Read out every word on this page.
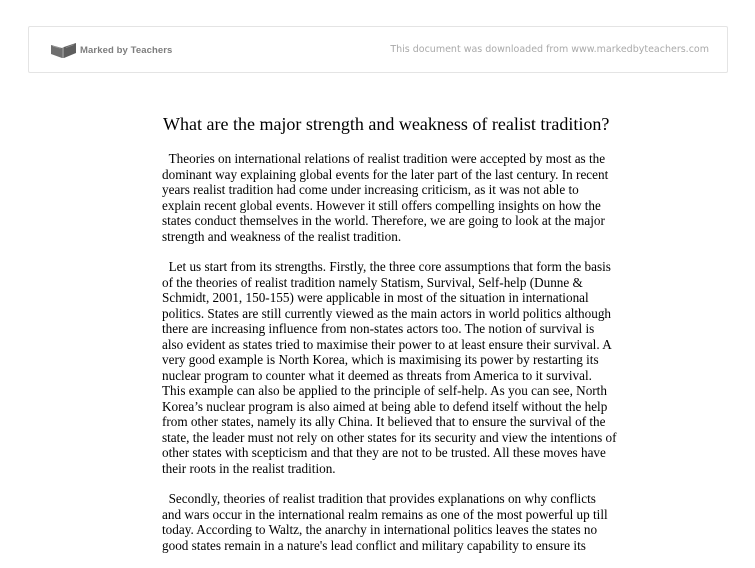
Marked by Teachers	This document was downloaded from www.markedbyteachers.com
What are the major strength and weakness of realist tradition?

Theories on international relations of realist tradition were accepted by most as the
dominant way explaining global events for the later part of the last century. In recent
years realist tradition had come under increasing criticism, as it was not able to
explain recent global events. However it still offers compelling insights on how the
states conduct themselves in the world. Therefore, we are going to look at the major
strength and weakness of the realist tradition.

Let us start from its strengths. Firstly, the three core assumptions that form the basis
of the theories of realist tradition namely Statism, Survival, Self-help (Dunne &
Schmidt, 2001, 150-155) were applicable in most of the situation in international
politics. States are still currently viewed as the main actors in world politics although
there are increasing influence from non-states actors too. The notion of survival is
also evident as states tried to maximise their power to at least ensure their survival. A
very good example is North Korea, which is maximising its power by restarting its
nuclear program to counter what it deemed as threats from America to it survival.
This example can also be applied to the principle of self-help. As you can see, North
Korea’s nuclear program is also aimed at being able to defend itself without the help
from other states, namely its ally China. It believed that to ensure the survival of the
state, the leader must not rely on other states for its security and view the intentions of
other states with scepticism and that they are not to be trusted. All these moves have
their roots in the realist tradition.

Secondly, theories of realist tradition that provides explanations on why conflicts
and wars occur in the international realm remains as one of the most powerful up till
today. According to Waltz, the anarchy in international politics leaves the states no
good states remain in a nature's lead conflict and military capability to ensure its
